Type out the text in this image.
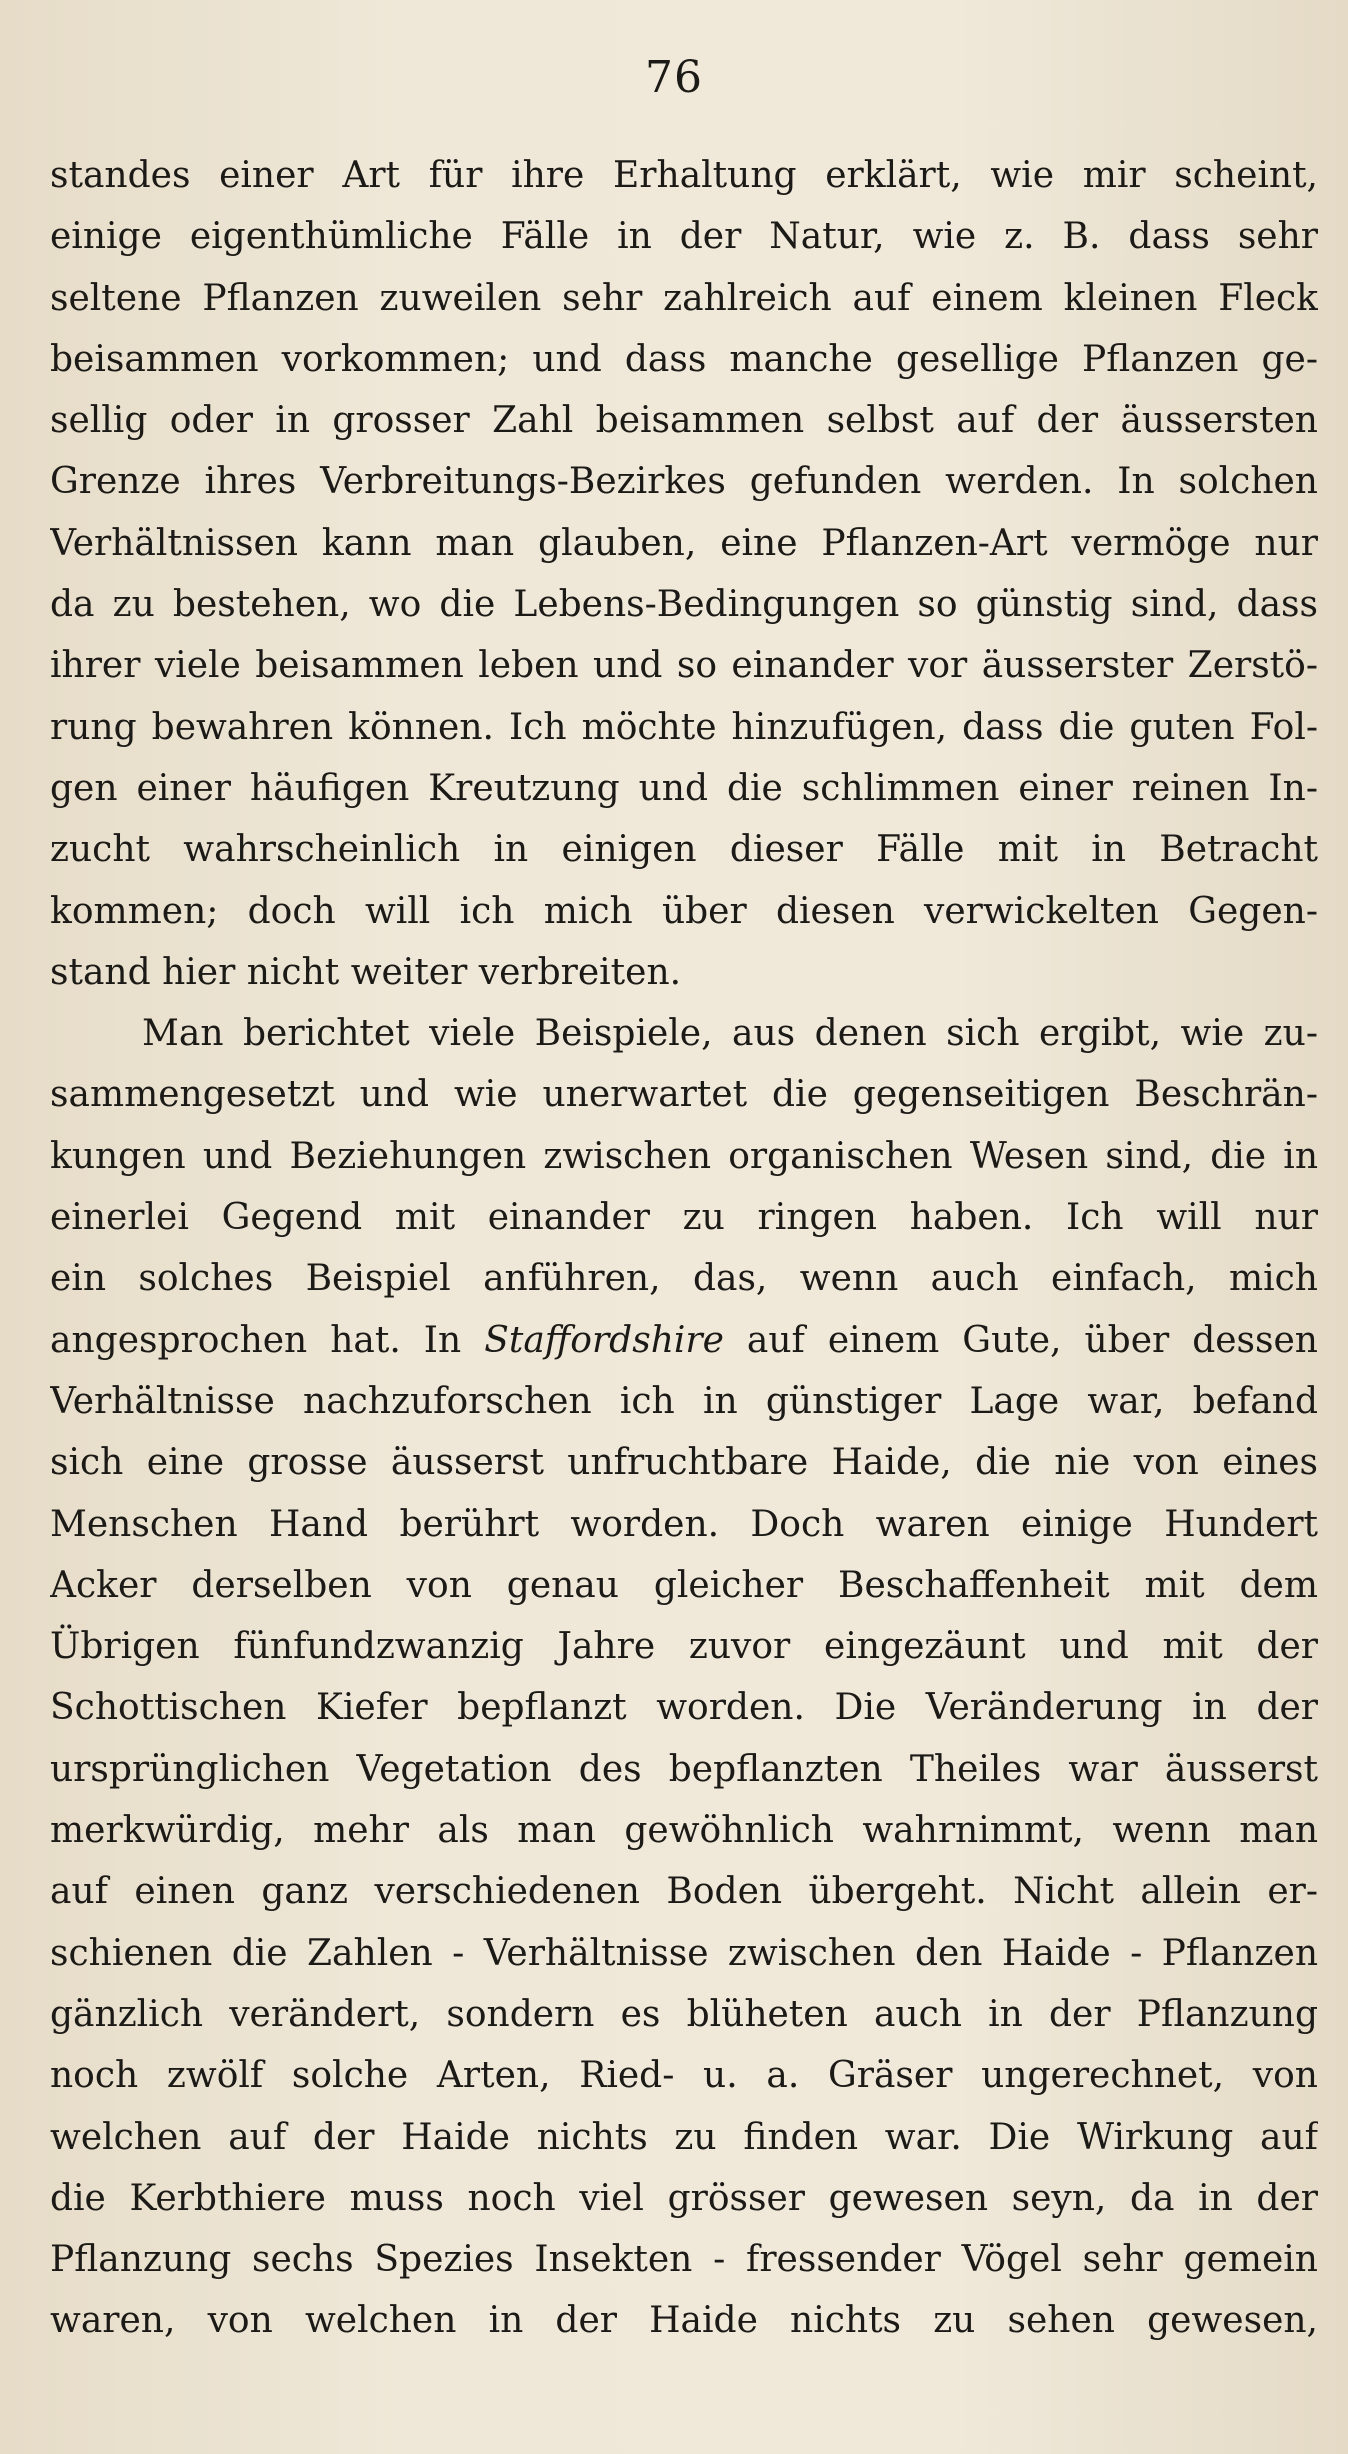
76
standes einer Art für ihre Erhaltung erklärt, wie mir scheint,
einige eigenthümliche Fälle in der Natur, wie z. B. dass sehr
seltene Pflanzen zuweilen sehr zahlreich auf einem kleinen Fleck
beisammen vorkommen; und dass manche gesellige Pflanzen ge-
sellig oder in grosser Zahl beisammen selbst auf der äussersten
Grenze ihres Verbreitungs-Bezirkes gefunden werden. In solchen
Verhältnissen kann man glauben, eine Pflanzen-Art vermöge nur
da zu bestehen, wo die Lebens-Bedingungen so günstig sind, dass
ihrer viele beisammen leben und so einander vor äusserster Zerstö-
rung bewahren können. Ich möchte hinzufügen, dass die guten Fol-
gen einer häufigen Kreutzung und die schlimmen einer reinen In-
zucht wahrscheinlich in einigen dieser Fälle mit in Betracht
kommen; doch will ich mich über diesen verwickelten Gegen-
stand hier nicht weiter verbreiten.
Man berichtet viele Beispiele, aus denen sich ergibt, wie zu-
sammengesetzt und wie unerwartet die gegenseitigen Beschrän-
kungen und Beziehungen zwischen organischen Wesen sind, die in
einerlei Gegend mit einander zu ringen haben. Ich will nur
ein solches Beispiel anführen, das, wenn auch einfach, mich
angesprochen hat. In Staffordshire auf einem Gute, über dessen
Verhältnisse nachzuforschen ich in günstiger Lage war, befand
sich eine grosse äusserst unfruchtbare Haide, die nie von eines
Menschen Hand berührt worden. Doch waren einige Hundert
Acker derselben von genau gleicher Beschaffenheit mit dem
Übrigen fünfundzwanzig Jahre zuvor eingezäunt und mit der
Schottischen Kiefer bepflanzt worden. Die Veränderung in der
ursprünglichen Vegetation des bepflanzten Theiles war äusserst
merkwürdig, mehr als man gewöhnlich wahrnimmt, wenn man
auf einen ganz verschiedenen Boden übergeht. Nicht allein er-
schienen die Zahlen - Verhältnisse zwischen den Haide - Pflanzen
gänzlich verändert, sondern es blüheten auch in der Pflanzung
noch zwölf solche Arten, Ried- u. a. Gräser ungerechnet, von
welchen auf der Haide nichts zu finden war. Die Wirkung auf
die Kerbthiere muss noch viel grösser gewesen seyn, da in der
Pflanzung sechs Spezies Insekten - fressender Vögel sehr gemein
waren, von welchen in der Haide nichts zu sehen gewesen,
